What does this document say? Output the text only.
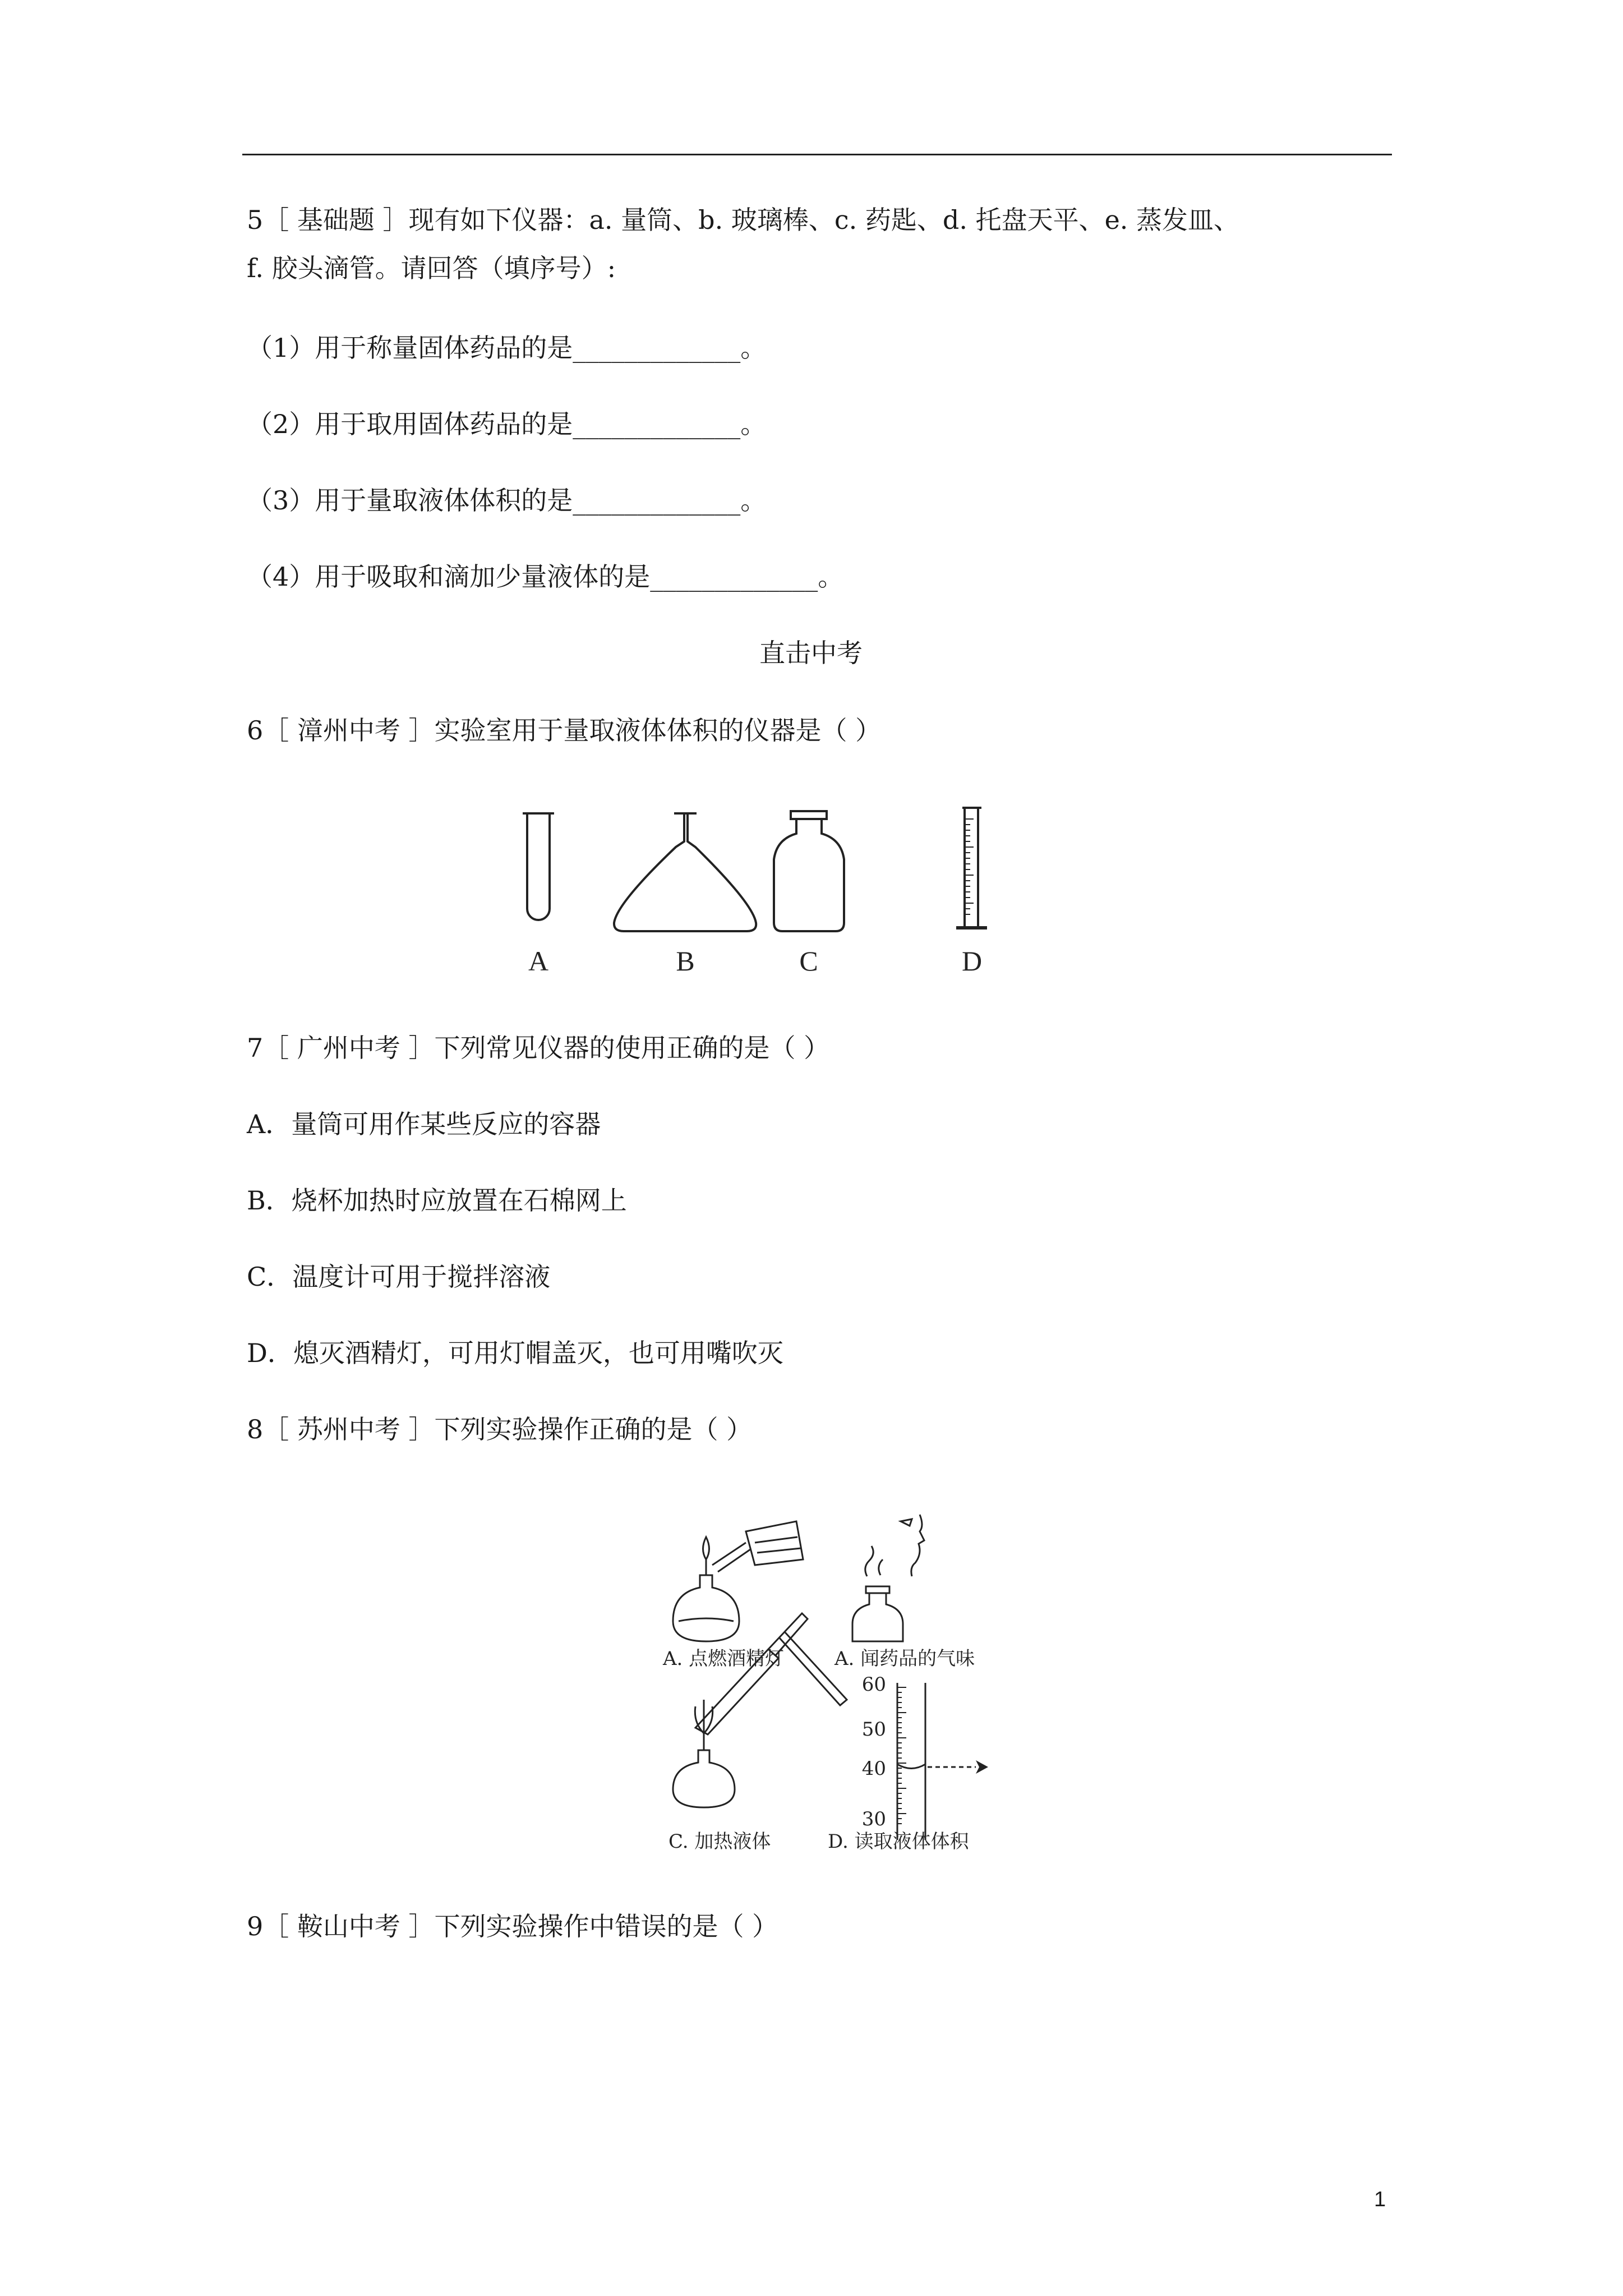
5［ 基础题 ］现有如下仪器：a. 量筒、b. 玻璃棒、c. 药匙、d. 托盘天平、e. 蒸发皿、
f. 胶头滴管。请回答（填序号）:
（1）用于称量固体药品的是_____________。
（2）用于取用固体药品的是_____________。
（3）用于量取液体体积的是_____________。
（4）用于吸取和滴加少量液体的是_____________。
直击中考
6［ 漳州中考 ］实验室用于量取液体体积的仪器是（ ）
A	B	C	D
7［ 广州中考 ］下列常见仪器的使用正确的是（ ）
A．量筒可用作某些反应的容器
B．烧杯加热时应放置在石棉网上
C．温度计可用于搅拌溶液
D．熄灭酒精灯，可用灯帽盖灭，也可用嘴吹灭
8［ 苏州中考 ］下列实验操作正确的是（ ）
60
50
40
30
A. 点燃酒精灯	A. 闻药品的气味
C. 加热液体	D. 读取液体体积
9［ 鞍山中考 ］下列实验操作中错误的是（ ）
1
